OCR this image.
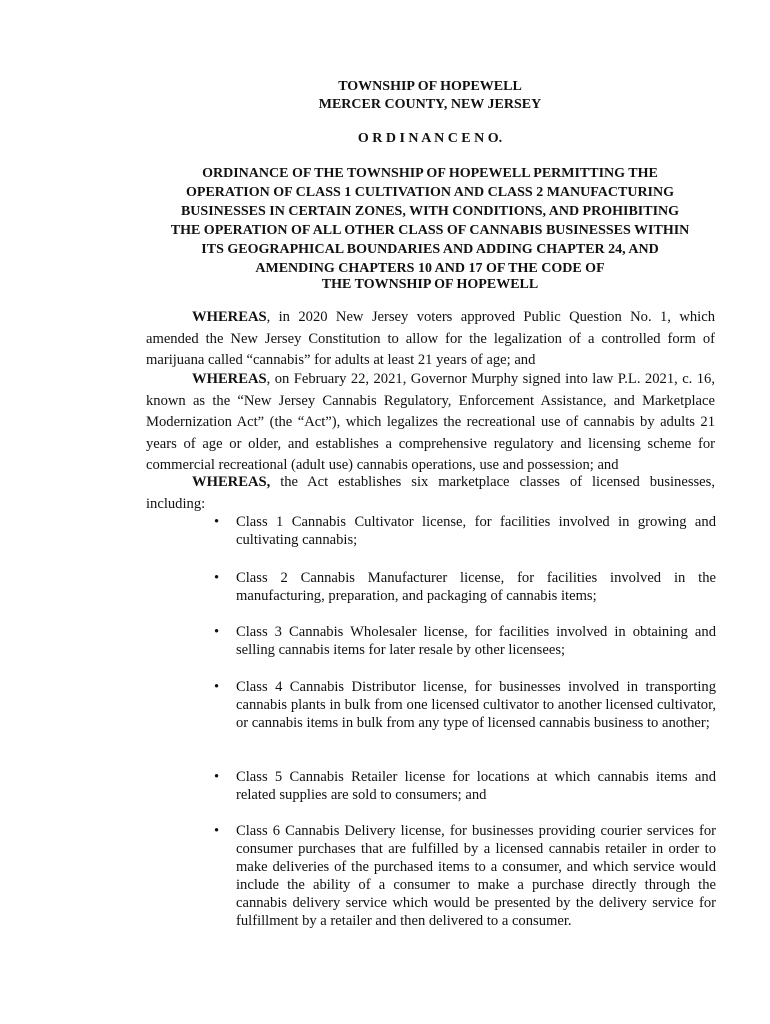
TOWNSHIP OF HOPEWELL
MERCER COUNTY, NEW JERSEY
O R D I N A N C E N O.
ORDINANCE OF THE TOWNSHIP OF HOPEWELL PERMITTING THE
OPERATION OF CLASS 1 CULTIVATION AND CLASS 2 MANUFACTURING
BUSINESSES IN CERTAIN ZONES, WITH CONDITIONS, AND PROHIBITING
THE OPERATION OF ALL OTHER CLASS OF CANNABIS BUSINESSES WITHIN
ITS GEOGRAPHICAL BOUNDARIES AND ADDING CHAPTER 24, AND
AMENDING CHAPTERS 10 AND 17 OF THE CODE OF
THE TOWNSHIP OF HOPEWELL
WHEREAS, in 2020 New Jersey voters approved Public Question No. 1, which amended the New Jersey Constitution to allow for the legalization of a controlled form of marijuana called “cannabis” for adults at least 21 years of age; and
WHEREAS, on February 22, 2021, Governor Murphy signed into law P.L. 2021, c. 16, known as the “New Jersey Cannabis Regulatory, Enforcement Assistance, and Marketplace Modernization Act” (the “Act”), which legalizes the recreational use of cannabis by adults 21 years of age or older, and establishes a comprehensive regulatory and licensing scheme for commercial recreational (adult use) cannabis operations, use and possession; and
WHEREAS, the Act establishes six marketplace classes of licensed businesses, including:
•	Class 1 Cannabis Cultivator license, for facilities involved in growing and cultivating cannabis;
•	Class 2 Cannabis Manufacturer license, for facilities involved in the manufacturing, preparation, and packaging of cannabis items;
•	Class 3 Cannabis Wholesaler license, for facilities involved in obtaining and selling cannabis items for later resale by other licensees;
•	Class 4 Cannabis Distributor license, for businesses involved in transporting cannabis plants in bulk from one licensed cultivator to another licensed cultivator, or cannabis items in bulk from any type of licensed cannabis business to another;
•	Class 5 Cannabis Retailer license for locations at which cannabis items and related supplies are sold to consumers; and
•	Class 6 Cannabis Delivery license, for businesses providing courier services for consumer purchases that are fulfilled by a licensed cannabis retailer in order to make deliveries of the purchased items to a consumer, and which service would include the ability of a consumer to make a purchase directly through the cannabis delivery service which would be presented by the delivery service for fulfillment by a retailer and then delivered to a consumer.
